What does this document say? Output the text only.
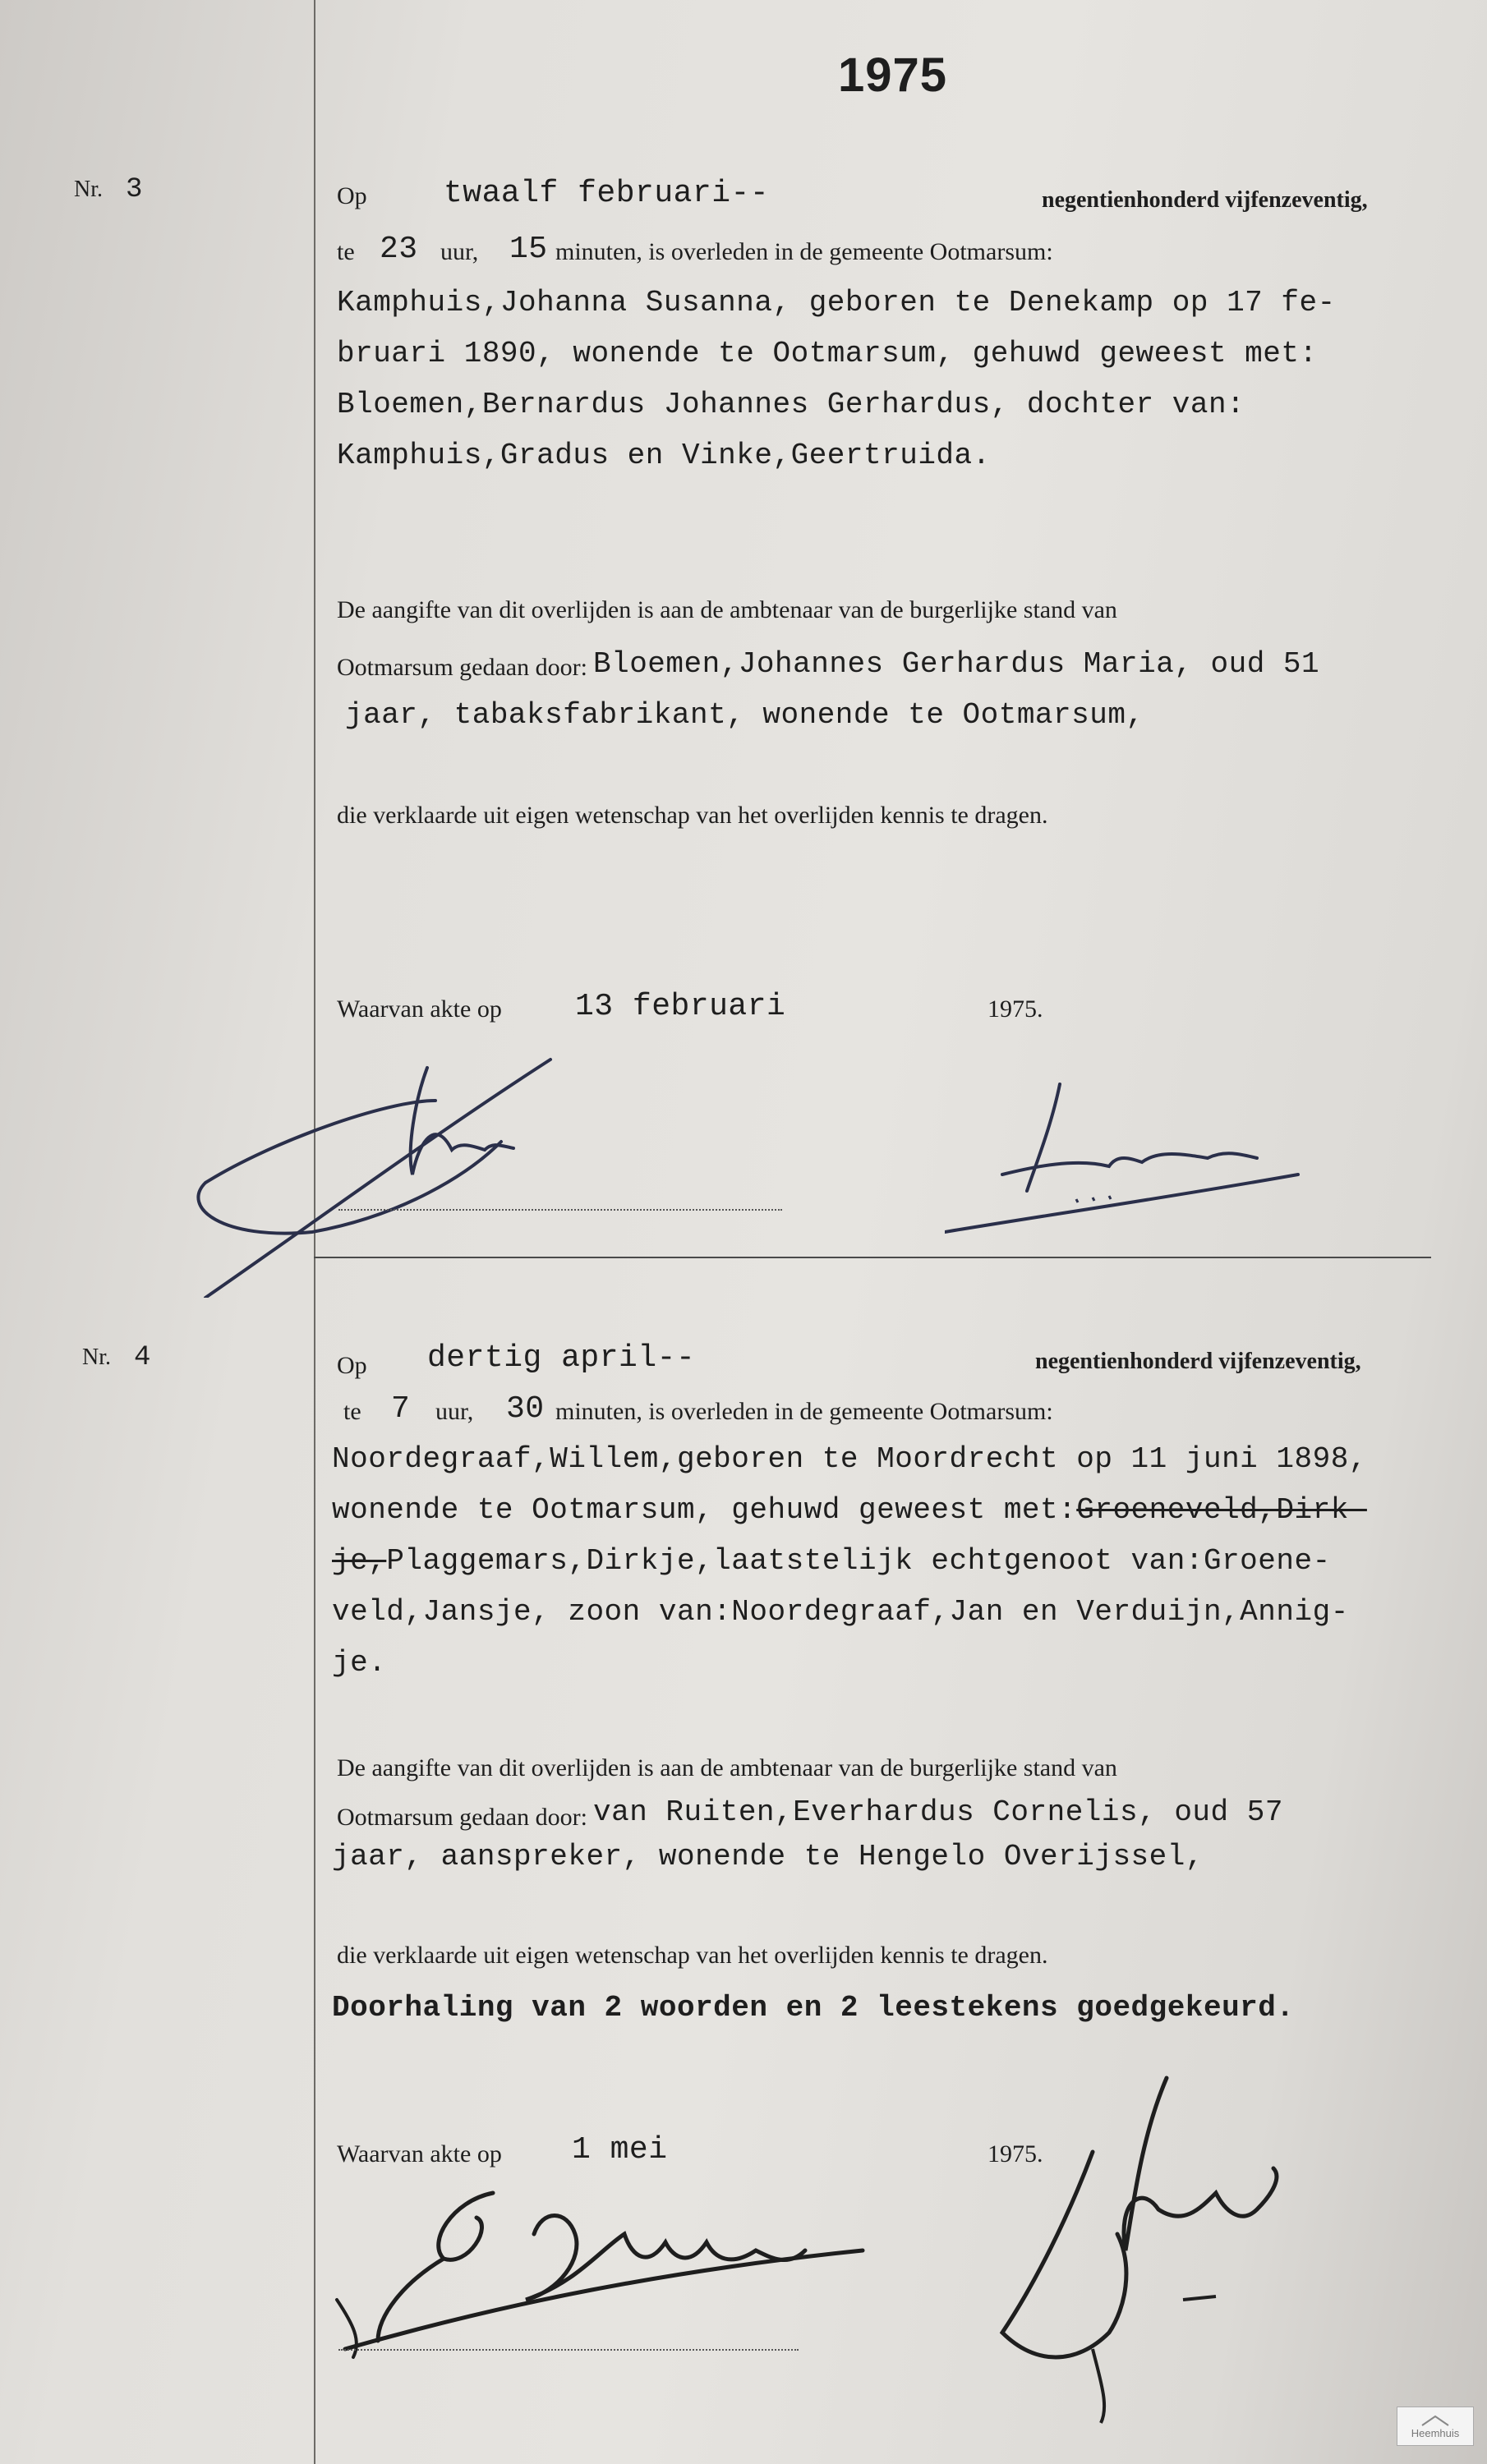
1975
Nr. 3	Op twaalf februari--	negentienhonderd vijfenzeventig,
te 23 uur, 15 minuten, is overleden in de gemeente Ootmarsum:
Kamphuis,Johanna Susanna, geboren te Denekamp op 17 fe-
bruari 1890, wonende te Ootmarsum, gehuwd geweest met:
Bloemen,Bernardus Johannes Gerhardus, dochter van:
Kamphuis,Gradus en Vinke,Geertruida.
De aangifte van dit overlijden is aan de ambtenaar van de burgerlijke stand van
Ootmarsum gedaan door: Bloemen,Johannes Gerhardus Maria, oud 51
jaar, tabaksfabrikant, wonende te Ootmarsum,
die verklaarde uit eigen wetenschap van het overlijden kennis te dragen.
Waarvan akte op 13 februari	1975.
Nr. 4	Op dertig april--	negentienhonderd vijfenzeventig,
te 7 uur, 30 minuten, is overleden in de gemeente Ootmarsum:
Noordegraaf,Willem,geboren te Moordrecht op 11 juni 1898,
wonende te Ootmarsum, gehuwd geweest met:Groeneveld,Dirk-
je,Plaggemars,Dirkje,laatstelijk echtgenoot van:Groene-
veld,Jansje, zoon van:Noordegraaf,Jan en Verduijn,Annig-
je.
De aangifte van dit overlijden is aan de ambtenaar van de burgerlijke stand van
Ootmarsum gedaan door: van Ruiten,Everhardus Cornelis, oud 57
jaar, aanspreker, wonende te Hengelo Overijssel,
die verklaarde uit eigen wetenschap van het overlijden kennis te dragen.
Doorhaling van 2 woorden en 2 leestekens goedgekeurd.
Waarvan akte op 1 mei	1975.
Heemhuis
